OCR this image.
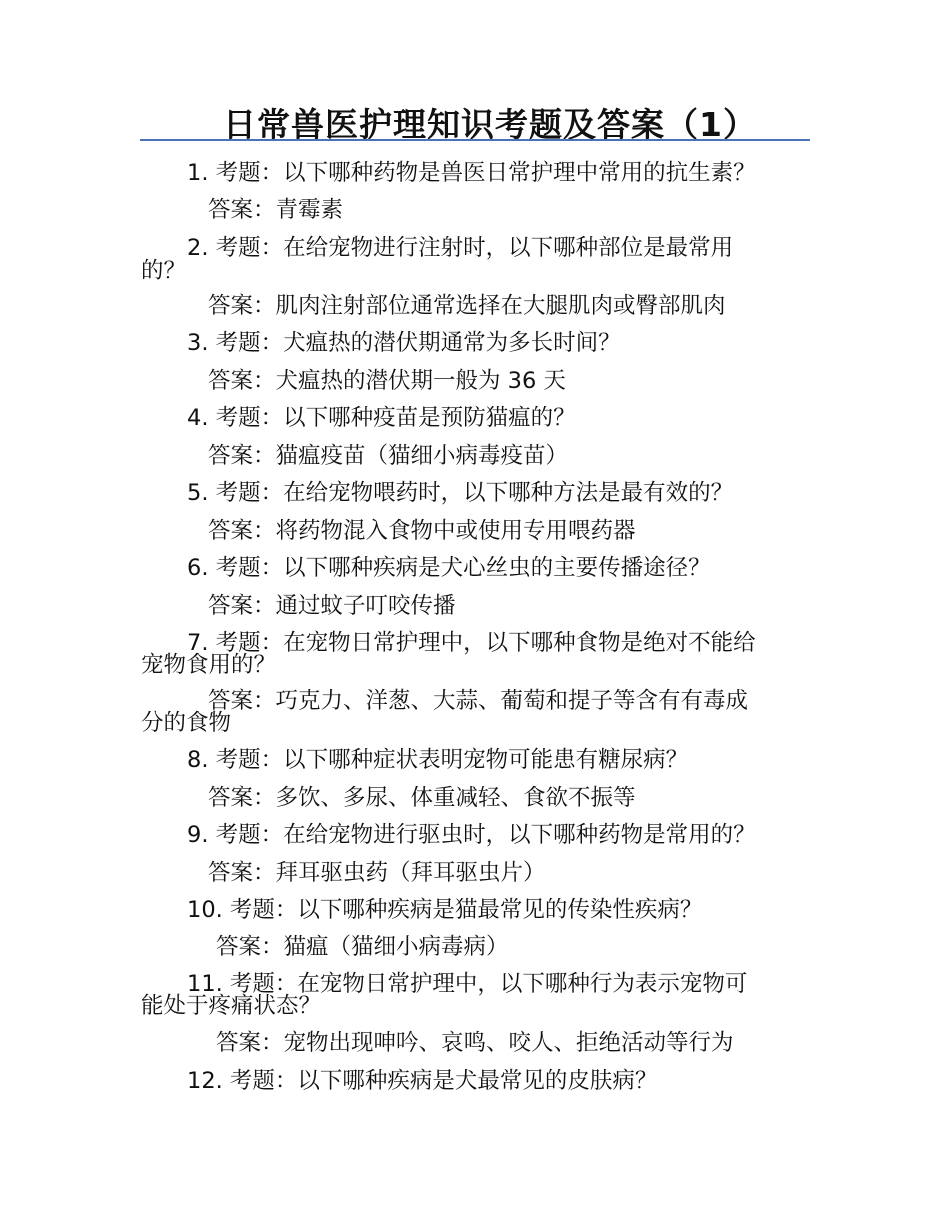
日常兽医护理知识考题及答案（1）
1. 考题：以下哪种药物是兽医日常护理中常用的抗生素？
答案：青霉素
2. 考题：在给宠物进行注射时，以下哪种部位是最常用
的？
答案：肌肉注射部位通常选择在大腿肌肉或臀部肌肉
3. 考题：犬瘟热的潜伏期通常为多长时间？
答案：犬瘟热的潜伏期一般为 36 天
4. 考题：以下哪种疫苗是预防猫瘟的？
答案：猫瘟疫苗（猫细小病毒疫苗）
5. 考题：在给宠物喂药时，以下哪种方法是最有效的？
答案：将药物混入食物中或使用专用喂药器
6. 考题：以下哪种疾病是犬心丝虫的主要传播途径？
答案：通过蚊子叮咬传播
7. 考题：在宠物日常护理中，以下哪种食物是绝对不能给
宠物食用的？
答案：巧克力、洋葱、大蒜、葡萄和提子等含有有毒成
分的食物
8. 考题：以下哪种症状表明宠物可能患有糖尿病？
答案：多饮、多尿、体重减轻、食欲不振等
9. 考题：在给宠物进行驱虫时，以下哪种药物是常用的？
答案：拜耳驱虫药（拜耳驱虫片）
10. 考题：以下哪种疾病是猫最常见的传染性疾病？
答案：猫瘟（猫细小病毒病）
11. 考题：在宠物日常护理中，以下哪种行为表示宠物可
能处于疼痛状态？
答案：宠物出现呻吟、哀鸣、咬人、拒绝活动等行为
12. 考题：以下哪种疾病是犬最常见的皮肤病？
